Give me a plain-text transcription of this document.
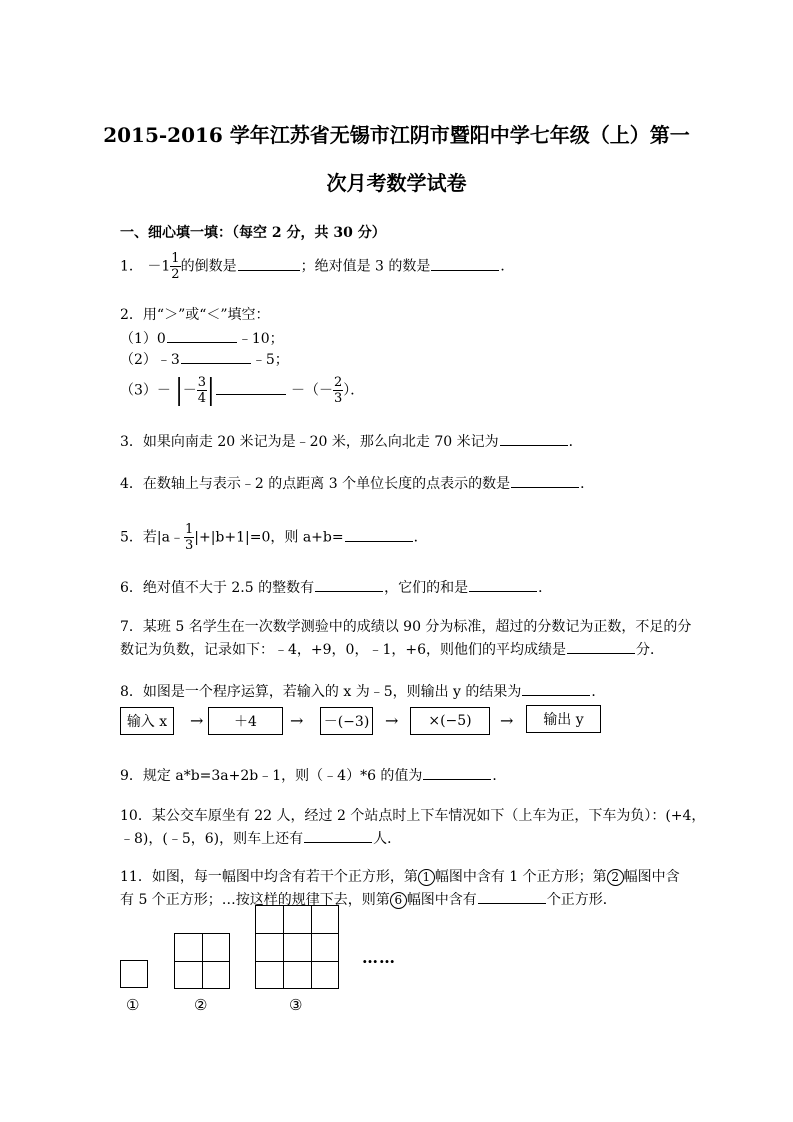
2015-2016 学年江苏省无锡市江阴市暨阳中学七年级（上）第一
次月考数学试卷
一、细心填一填：（每空 2 分，共 30 分）
1． $-1 \frac{1}{2}$ 的倒数是	；绝对值是 3 的数是	．
2．用“＞”或“＜”填空：
（1）0	﹣10；
（2）﹣3	﹣5；
（3）－ |－ $\frac{3}{4}$ |	－（－ $\frac{2}{3}$ ）．
3．如果向南走 20 米记为是﹣20 米，那么向北走 70 米记为	．
4．在数轴上与表示﹣2 的点距离 3 个单位长度的点表示的数是	．
5．若|a﹣ $\frac{1}{3} |+|b+1|=0$，则 a+b=	．
6．绝对值不大于 2.5 的整数有	，它们的和是	．
7．某班 5 名学生在一次数学测验中的成绩以 90 分为标准，超过的分数记为正数，不足的分
数记为负数，记录如下：﹣4，+9，0，﹣1，+6，则他们的平均成绩是	分．
8．如图是一个程序运算，若输入的 x 为﹣5，则输出 y 的结果为	．
输入 x	→	＋4	→ －(−3) →	×(−5)	→	输出 y
9．规定 a*b=3a+2b﹣1，则（﹣4）*6 的值为	．
10．某公交车原坐有 22 人，经过 2 个站点时上下车情况如下（上车为正，下车为负）：(+4，
﹣8)，(﹣5，6)，则车上还有	人．
11．如图，每一幅图中均含有若干个正方形，第 1 幅图中含有 1 个正方形；第 2 幅图中含
有 5 个正方形；…按这样的规律下去，则第 6 幅图中含有	个正方形．
……
①	②	③
